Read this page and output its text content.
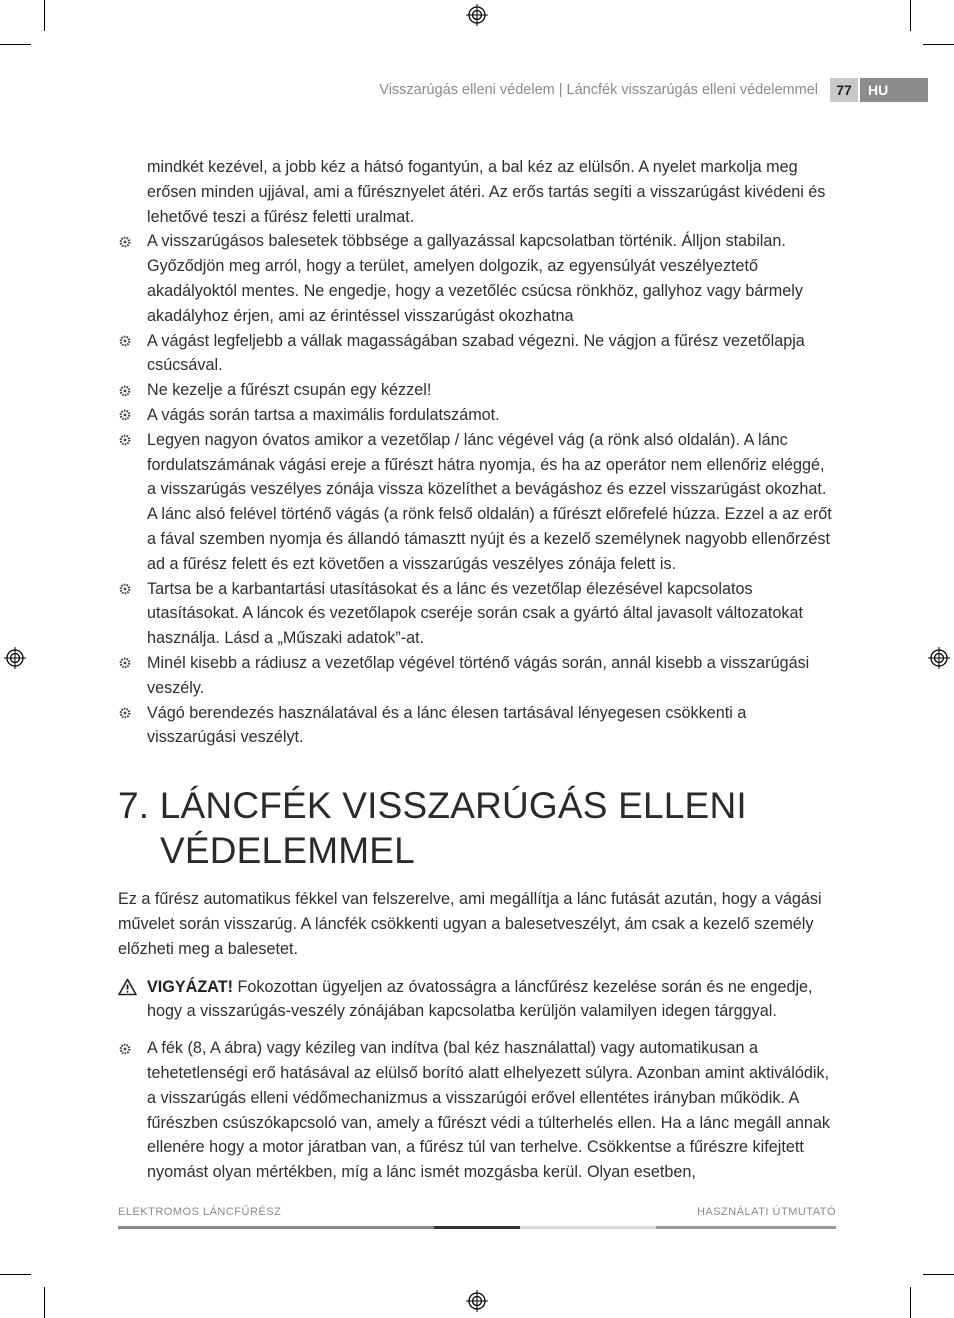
Visszarúgás elleni védelem | Láncfék visszarúgás elleni védelemmel	77	HU

mindkét kezével, a jobb kéz a hátsó fogantyún, a bal kéz az elülsőn. A nyelet markolja meg erősen minden ujjával, ami a fűrésznyelet átéri. Az erős tartás segíti a visszarúgást kivédeni és lehetővé teszi a fűrész feletti uralmat.

A visszarúgásos balesetek többsége a gallyazással kapcsolatban történik. Álljon stabilan. Győződjön meg arról, hogy a terület, amelyen dolgozik, az egyensúlyát veszélyeztető akadályoktól mentes. Ne engedje, hogy a vezetőléc csúcsa rönkhöz, gallyhoz vagy bármely akadályhoz érjen, ami az érintéssel visszarúgást okozhatna
A vágást legfeljebb a vállak magasságában szabad végezni. Ne vágjon a fűrész vezetőlapja csúcsával.
Ne kezelje a fűrészt csupán egy kézzel!
A vágás során tartsa a maximális fordulatszámot.
Legyen nagyon óvatos amikor a vezetőlap / lánc végével vág (a rönk alsó oldalán). A lánc fordulatszámának vágási ereje a fűrészt hátra nyomja, és ha az operátor nem ellenőriz eléggé, a visszarúgás veszélyes zónája vissza közelíthet a bevágáshoz és ezzel visszarúgást okozhat. A lánc alsó felével történő vágás (a rönk felső oldalán) a fűrészt előrefelé húzza. Ezzel a az erőt a fával szemben nyomja és állandó támasztt nyújt és a kezelő személynek nagyobb ellenőrzést ad a fűrész felett és ezt követően a visszarúgás veszélyes zónája felett is.
Tartsa be a karbantartási utasításokat és a lánc és vezetőlap élezésével kapcsolatos utasításokat. A láncok és vezetőlapok cseréje során csak a gyártó által javasolt változatokat használja. Lásd a „Műszaki adatok”-at.
Minél kisebb a rádiusz a vezetőlap végével történő vágás során, annál kisebb a visszarúgási veszély.
Vágó berendezés használatával és a lánc élesen tartásával lényegesen csökkenti a visszarúgási veszélyt.
7. LÁNCFÉK VISSZARÚGÁS ELLENI

VÉDELEMMEL

Ez a fűrész automatikus fékkel van felszerelve, ami megállítja a lánc futását azután, hogy a vágási művelet során visszarúg. A láncfék csökkenti ugyan a balesetveszélyt, ám csak a kezelő személy előzheti meg a balesetet.

VIGYÁZAT! Fokozottan ügyeljen az óvatosságra a láncfűrész kezelése során és ne engedje, hogy a visszarúgás-veszély zónájában kapcsolatba kerüljön valamilyen idegen tárggyal.

A fék (8, A ábra) vagy kézileg van indítva (bal kéz használattal) vagy automatikusan a tehetetlenségi erő hatásával az elülső borító alatt elhelyezett súlyra. Azonban amint aktiválódik, a visszarúgás elleni védőmechanizmus a visszarúgói erővel ellentétes irányban működik. A fűrészben csúszókapcsoló van, amely a fűrészt védi a túlterhelés ellen. Ha a lánc megáll annak ellenére hogy a motor járatban van, a fűrész túl van terhelve. Csökkentse a fűrészre kifejtett nyomást olyan mértékben, míg a lánc ismét mozgásba kerül. Olyan esetben,
ELEKTROMOS LÁNCFŰRÉSZ	HASZNÁLATI ÚTMUTATÓ
